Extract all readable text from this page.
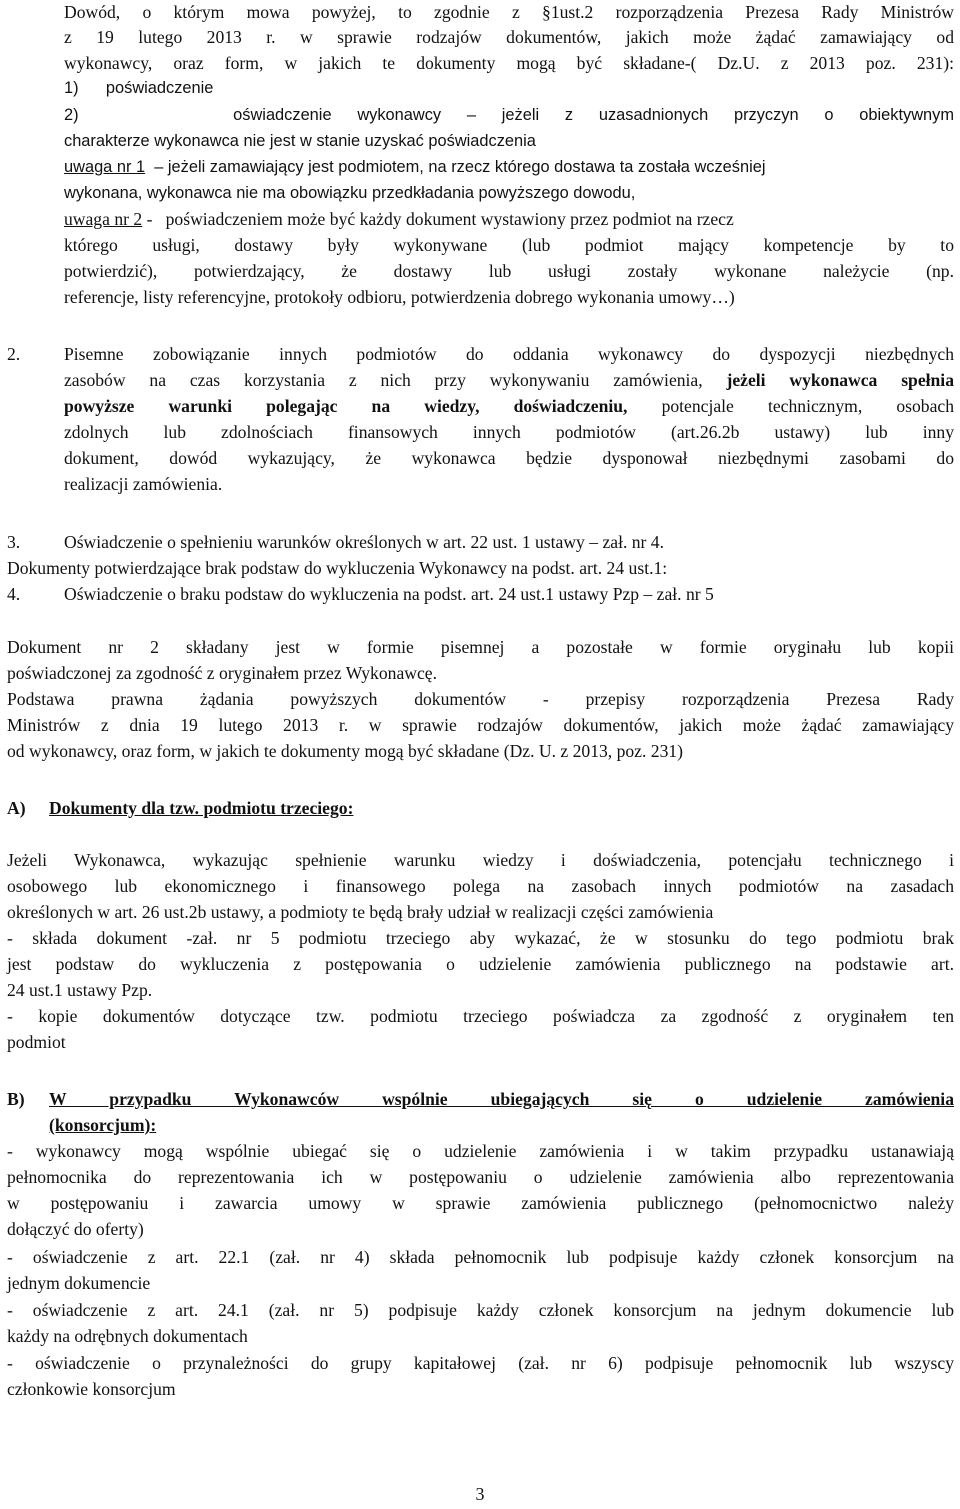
Dowód, o którym mowa powyżej, to zgodnie z §1ust.2 rozporządzenia Prezesa Rady Ministrów
z 19 lutego 2013 r. w sprawie rodzajów dokumentów, jakich może żądać zamawiający od
wykonawcy, oraz form, w jakich te dokumenty mogą być składane-( Dz.U. z 2013 poz. 231):
1)      poświadczenie
2)      oświadczenie wykonawcy – jeżeli z uzasadnionych przyczyn o obiektywnym
charakterze wykonawca nie jest w stanie uzyskać poświadczenia
uwaga nr 1  – jeżeli zamawiający jest podmiotem, na rzecz którego dostawa ta została wcześniej
wykonana, wykonawca nie ma obowiązku przedkładania powyższego dowodu,
uwaga nr 2 -   poświadczeniem może być każdy dokument wystawiony przez podmiot na rzecz
którego usługi, dostawy były wykonywane (lub podmiot mający kompetencje by to
potwierdzić), potwierdzający, że dostawy lub usługi zostały wykonane należycie (np.
referencje, listy referencyjne, protokoły odbioru, potwierdzenia dobrego wykonania umowy…)
2. Pisemne zobowiązanie innych podmiotów do oddania wykonawcy do dyspozycji niezbędnych
zasobów na czas korzystania z nich przy wykonywaniu zamówienia, jeżeli wykonawca spełnia
powyższe warunki polegając na wiedzy, doświadczeniu, potencjale technicznym, osobach
zdolnych lub zdolnościach finansowych innych podmiotów (art.26.2b ustawy) lub inny
dokument, dowód wykazujący, że wykonawca będzie dysponował niezbędnymi zasobami do
realizacji zamówienia.
3. Oświadczenie o spełnieniu warunków określonych w art. 22 ust. 1 ustawy – zał. nr 4.
Dokumenty potwierdzające brak podstaw do wykluczenia Wykonawcy na podst. art. 24 ust.1:
4. Oświadczenie o braku podstaw do wykluczenia na podst. art. 24 ust.1 ustawy Pzp – zał. nr 5
Dokument nr 2 składany jest w formie pisemnej a pozostałe w formie oryginału lub kopii
poświadczonej za zgodność z oryginałem przez Wykonawcę.
Podstawa prawna żądania powyższych dokumentów - przepisy rozporządzenia Prezesa Rady
Ministrów z dnia 19 lutego 2013 r. w sprawie rodzajów dokumentów, jakich może żądać zamawiający
od wykonawcy, oraz form, w jakich te dokumenty mogą być składane (Dz. U. z 2013, poz. 231)
A) Dokumenty dla tzw. podmiotu trzeciego:
Jeżeli Wykonawca, wykazując spełnienie warunku wiedzy i doświadczenia, potencjału technicznego i
osobowego lub ekonomicznego i finansowego polega na zasobach innych podmiotów na zasadach
określonych w art. 26 ust.2b ustawy, a podmioty te będą brały udział w realizacji części zamówienia
- składa dokument -zał. nr 5 podmiotu trzeciego aby wykazać, że w stosunku do tego podmiotu brak
jest podstaw do wykluczenia z postępowania o udzielenie zamówienia publicznego na podstawie art.
24 ust.1 ustawy Pzp.
- kopie dokumentów dotyczące tzw. podmiotu trzeciego poświadcza za zgodność z oryginałem ten
podmiot
B) W przypadku Wykonawców wspólnie ubiegających się o udzielenie zamówienia
(konsorcjum):
- wykonawcy mogą wspólnie ubiegać się o udzielenie zamówienia i w takim przypadku ustanawiają
pełnomocnika do reprezentowania ich w postępowaniu o udzielenie zamówienia albo reprezentowania
w postępowaniu i zawarcia umowy w sprawie zamówienia publicznego (pełnomocnictwo należy
dołączyć do oferty)
- oświadczenie z art. 22.1 (zał. nr 4) składa pełnomocnik lub podpisuje każdy członek konsorcjum na
jednym dokumencie
- oświadczenie z art. 24.1 (zał. nr 5) podpisuje każdy członek konsorcjum na jednym dokumencie lub
każdy na odrębnych dokumentach
- oświadczenie o przynależności do grupy kapitałowej (zał. nr 6) podpisuje pełnomocnik lub wszyscy
członkowie konsorcjum
3
